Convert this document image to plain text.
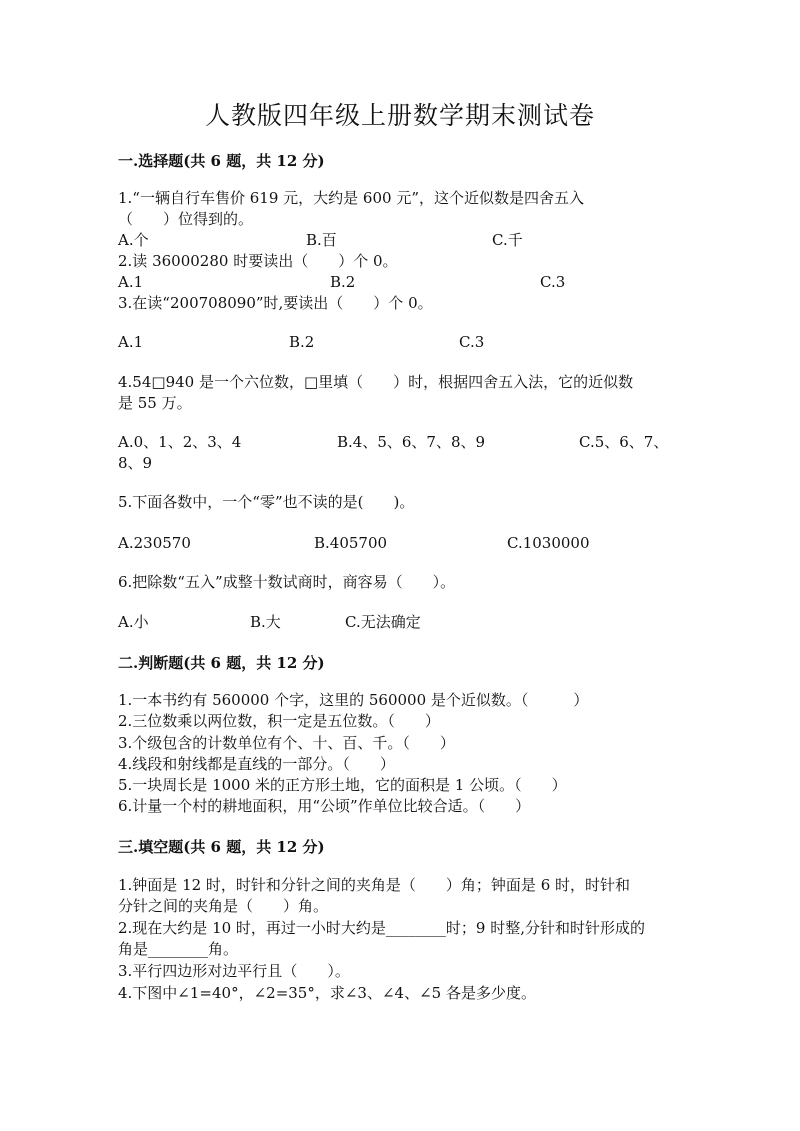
人教版四年级上册数学期末测试卷
一.选择题(共 6 题，共 12 分)
1.“一辆自行车售价 619 元，大约是 600 元”，这个近似数是四舍五入
（　　）位得到的。
A.个	B.百	C.千
2.读 36000280 时要读出（　　）个 0。
A.1	B.2	C.3
3.在读“200708090”时,要读出（　　）个 0。
A.1	B.2	C.3
4.54□940 是一个六位数，□里填（　　）时，根据四舍五入法，它的近似数
是 55 万。
A.0、1、2、3、4	B.4、5、6、7、8、9	C.5、6、7、
8、9
5.下面各数中，一个“零”也不读的是(　　)。
A.230570	B.405700	C.1030000
6.把除数“五入”成整十数试商时，商容易（　　）。
A.小	B.大	C.无法确定
二.判断题(共 6 题，共 12 分)
1.一本书约有 560000 个字，这里的 560000 是个近似数。（　　　）
2.三位数乘以两位数，积一定是五位数。（　　）
3.个级包含的计数单位有个、十、百、千。（　　）
4.线段和射线都是直线的一部分。（　　）
5.一块周长是 1000 米的正方形土地，它的面积是 1 公顷。（　　）
6.计量一个村的耕地面积，用“公顷”作单位比较合适。（　　）
三.填空题(共 6 题，共 12 分)
1.钟面是 12 时，时针和分针之间的夹角是（　　）角；钟面是 6 时，时针和
分针之间的夹角是（　　）角。
2.现在大约是 10 时，再过一小时大约是________时；9 时整,分针和时针形成的
角是________角。
3.平行四边形对边平行且（　　）。
4.下图中∠1=40°，∠2=35°，求∠3、∠4、∠5 各是多少度。
